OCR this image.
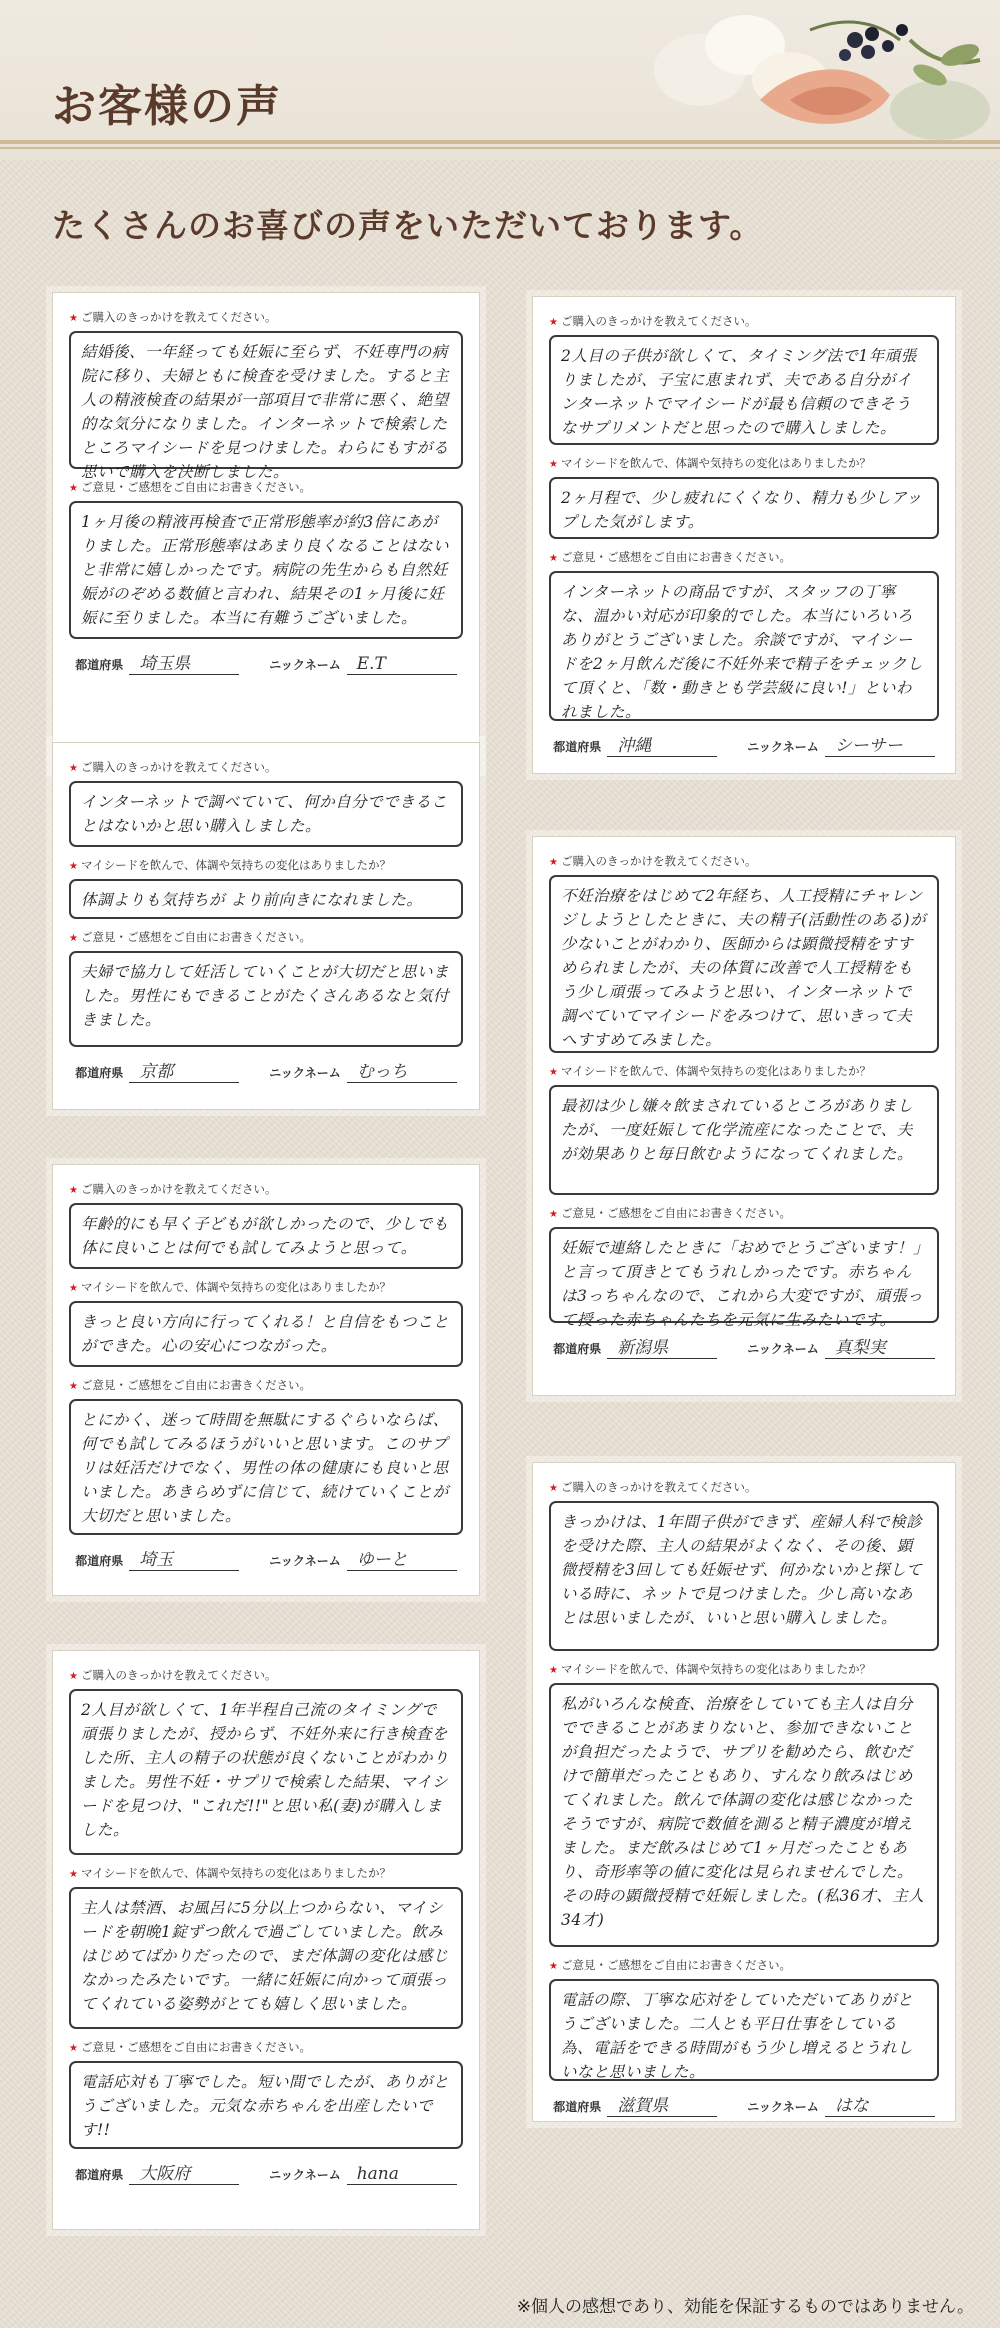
お客様の声
たくさんのお喜びの声をいただいております。
★ ご購入のきっかけを教えてください。
結婚後、一年経っても妊娠に至らず、不妊専門の病院に移り、夫婦ともに検査を受けました。すると主人の精液検査の結果が一部項目で非常に悪く、絶望的な気分になりました。インターネットで検索したところマイシードを見つけました。わらにもすがる思いで購入を決断しました。
★ ご意見・ご感想をご自由にお書きください。
1ヶ月後の精液再検査で正常形態率が約3倍にあがりました。正常形態率はあまり良くなることはないと非常に嬉しかったです。病院の先生からも自然妊娠がのぞめる数値と言われ、結果その1ヶ月後に妊娠に至りました。本当に有難うございました。
都道府県 埼玉県	ニックネーム E.T
★ ご購入のきっかけを教えてください。
インターネットで調べていて、何か自分でできることはないかと思い購入しました。
★ マイシードを飲んで、体調や気持ちの変化はありましたか？
体調よりも気持ちが より前向きになれました。
★ ご意見・ご感想をご自由にお書きください。
夫婦で協力して妊活していくことが大切だと思いました。男性にもできることがたくさんあるなと気付きました。
都道府県 京都	ニックネーム むっち
★ ご購入のきっかけを教えてください。
年齢的にも早く子どもが欲しかったので、少しでも体に良いことは何でも試してみようと思って。
★ マイシードを飲んで、体調や気持ちの変化はありましたか？
きっと良い方向に行ってくれる！と自信をもつことができた。心の安心につながった。
★ ご意見・ご感想をご自由にお書きください。
とにかく、迷って時間を無駄にするぐらいならば、何でも試してみるほうがいいと思います。このサプリは妊活だけでなく、男性の体の健康にも良いと思いました。あきらめずに信じて、続けていくことが大切だと思いました。
都道府県 埼玉	ニックネーム ゆーと
★ ご購入のきっかけを教えてください。
2人目が欲しくて、1年半程自己流のタイミングで頑張りましたが、授からず、不妊外来に行き検査をした所、主人の精子の状態が良くないことがわかりました。男性不妊・サプリで検索した結果、マイシードを見つけ、"これだ!!"と思い私(妻)が購入しました。
★ マイシードを飲んで、体調や気持ちの変化はありましたか？
主人は禁酒、お風呂に5分以上つからない、マイシードを朝晩1錠ずつ飲んで過ごしていました。飲みはじめてばかりだったので、まだ体調の変化は感じなかったみたいです。一緒に妊娠に向かって頑張ってくれている姿勢がとても嬉しく思いました。
★ ご意見・ご感想をご自由にお書きください。
電話応対も丁寧でした。短い間でしたが、ありがとうございました。元気な赤ちゃんを出産したいです!!
都道府県 大阪府	ニックネーム hana
★ ご購入のきっかけを教えてください。
2人目の子供が欲しくて、タイミング法で1年頑張りましたが、子宝に恵まれず、夫である自分がインターネットでマイシードが最も信頼のできそうなサプリメントだと思ったので購入しました。
★ マイシードを飲んで、体調や気持ちの変化はありましたか？
2ヶ月程で、少し疲れにくくなり、精力も少しアップした気がします。
★ ご意見・ご感想をご自由にお書きください。
インターネットの商品ですが、スタッフの丁寧な、温かい対応が印象的でした。本当にいろいろありがとうございました。余談ですが、マイシードを2ヶ月飲んだ後に不妊外来で精子をチェックして頂くと、「数・動きとも学芸級に良い!」といわれました。
都道府県 沖縄	ニックネーム シーサー
★ ご購入のきっかけを教えてください。
不妊治療をはじめて2年経ち、人工授精にチャレンジしようとしたときに、夫の精子(活動性のある)が少ないことがわかり、医師からは顕微授精をすすめられましたが、夫の体質に改善で人工授精をもう少し頑張ってみようと思い、インターネットで調べていてマイシードをみつけて、思いきって夫へすすめてみました。
★ マイシードを飲んで、体調や気持ちの変化はありましたか？
最初は少し嫌々飲まされているところがありましたが、一度妊娠して化学流産になったことで、夫が効果ありと毎日飲むようになってくれました。
★ ご意見・ご感想をご自由にお書きください。
妊娠で連絡したときに「おめでとうございます！」と言って頂きとてもうれしかったです。赤ちゃんは3っちゃんなので、これから大変ですが、頑張って授った赤ちゃんたちを元気に生みたいです。
都道府県 新潟県	ニックネーム 真梨実
★ ご購入のきっかけを教えてください。
きっかけは、1年間子供ができず、産婦人科で検診を受けた際、主人の結果がよくなく、その後、顕微授精を3回しても妊娠せず、何かないかと探している時に、ネットで見つけました。少し高いなあとは思いましたが、いいと思い購入しました。
★ マイシードを飲んで、体調や気持ちの変化はありましたか？
私がいろんな検査、治療をしていても主人は自分でできることがあまりないと、参加できないことが負担だったようで、サプリを勧めたら、飲むだけで簡単だったこともあり、すんなり飲みはじめてくれました。飲んで体調の変化は感じなかったそうですが、病院で数値を測ると精子濃度が増えました。まだ飲みはじめて1ヶ月だったこともあり、奇形率等の値に変化は見られませんでした。その時の顕微授精で妊娠しました。(私36才、主人34才)
★ ご意見・ご感想をご自由にお書きください。
電話の際、丁寧な応対をしていただいてありがとうございました。二人とも平日仕事をしている為、電話をできる時間がもう少し増えるとうれしいなと思いました。
都道府県 滋賀県	ニックネーム はな
※個人の感想であり、効能を保証するものではありません。
